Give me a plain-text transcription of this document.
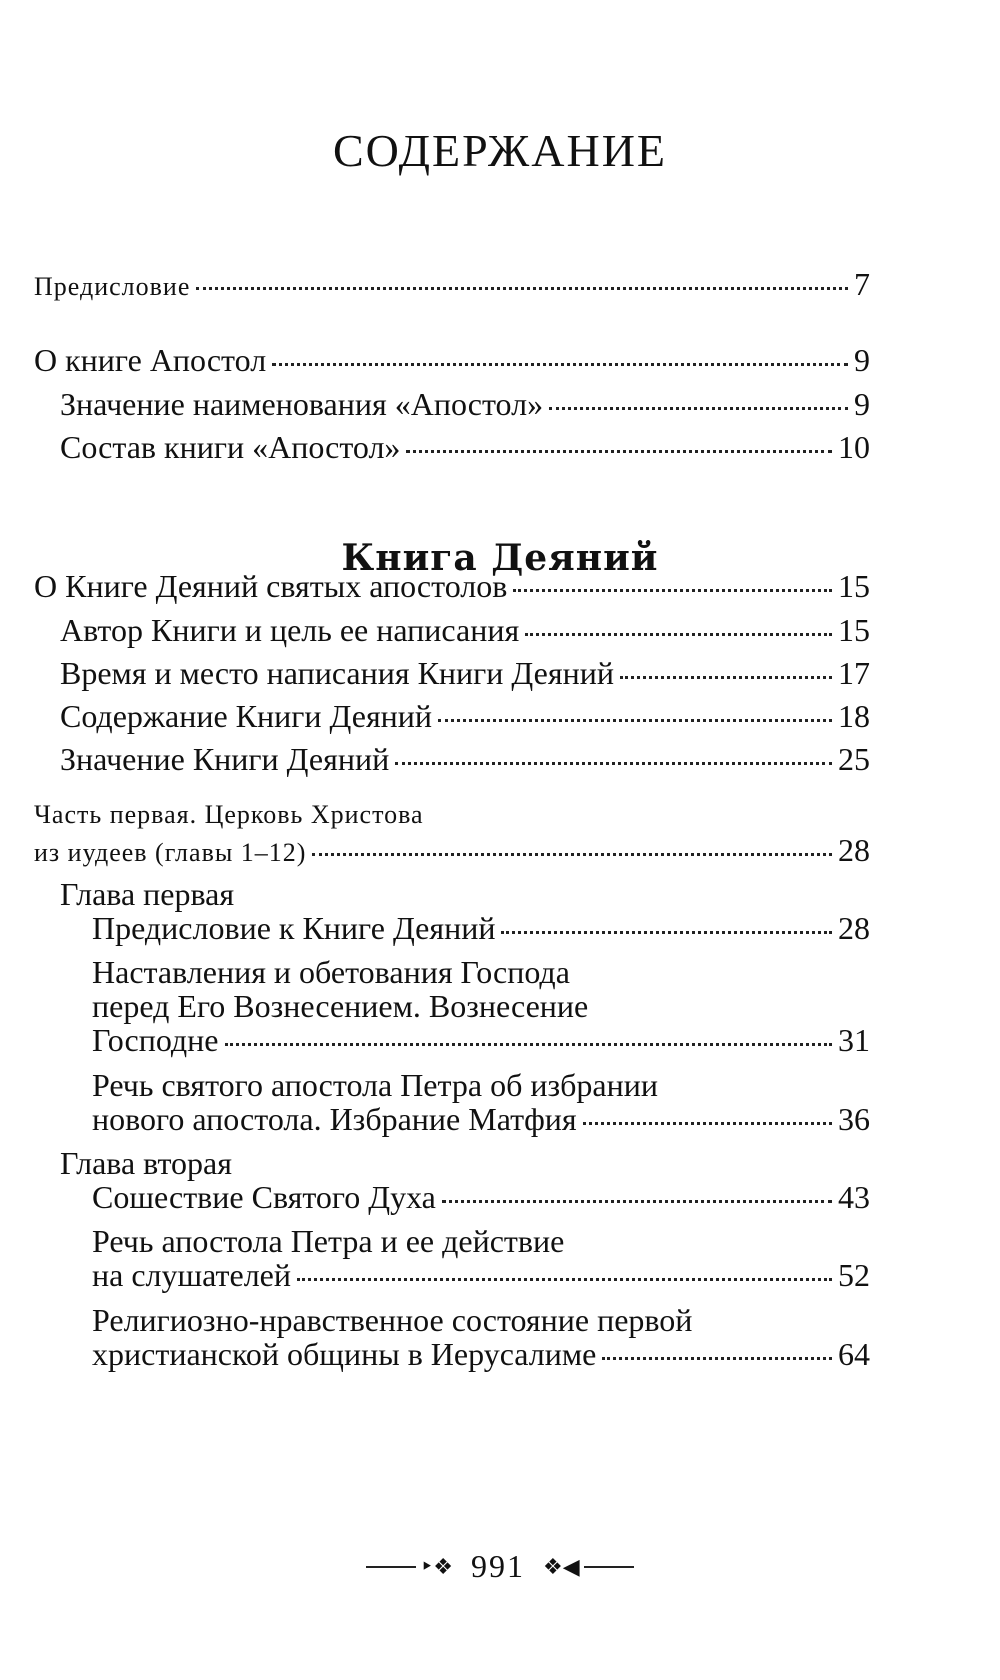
СОДЕРЖАНИЕ
Предисловие	7
О книге Апостол	9
Значение наименования «Апостол»	9
Состав книги «Апостол»	10
Книга Деяний
О Книге Деяний святых апостолов	15
Автор Книги и цель ее написания	15
Время и место написания Книги Деяний	17
Содержание Книги Деяний	18
Значение Книги Деяний	25
Часть первая. Церковь Христова
из иудеев (главы 1–12)	28
Глава первая
Предисловие к Книге Деяний	28
Наставления и обетования Господа
перед Его Вознесением. Вознесение
Господне	31
Речь святого апостола Петра об избрании
нового апостола. Избрание Матфия	36
Глава вторая
Сошествие Святого Духа	43
Речь апостола Петра и ее действие
на слушателей	52
Религиозно-нравственное состояние первой
христианской общины в Иерусалиме	64
‣❖ 991 ❖◀
